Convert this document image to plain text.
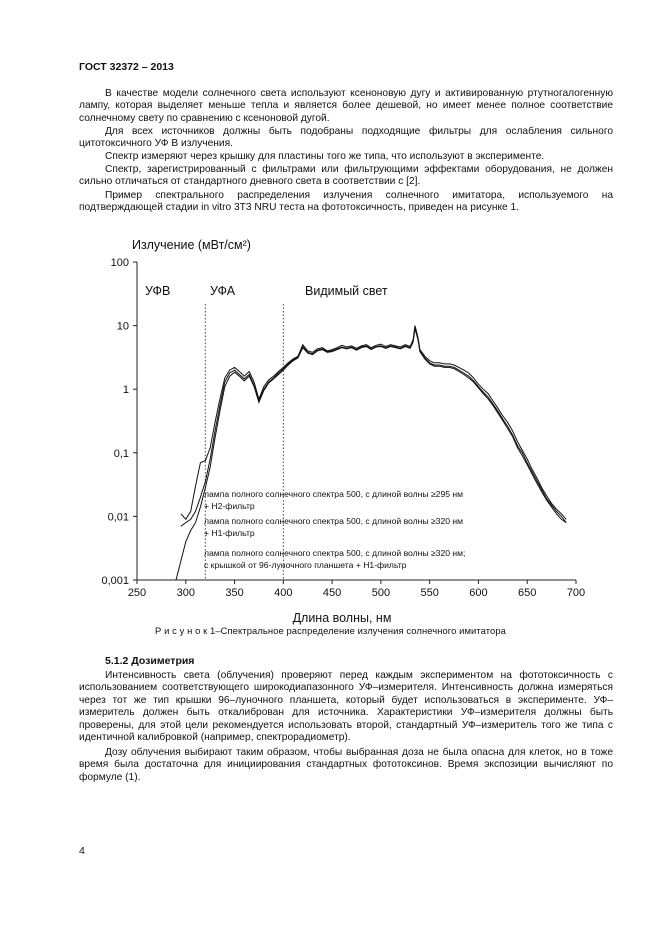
ГОСТ 32372 – 2013

В качестве модели солнечного света используют ксеноновую дугу и активированную ртутногалогенную лампу, которая выделяет меньше тепла и является более дешевой, но имеет менее полное соответствие солнечному свету по сравнению с ксеноновой дугой.

Для всех источников должны быть подобраны подходящие фильтры для ослабления сильного цитотоксичного УФ В излучения.

Спектр измеряют через крышку для пластины того же типа, что используют в эксперименте.

Спектр, зарегистрированный с фильтрами или фильтрующими эффектами оборудования, не должен сильно отличаться от стандартного дневного света в соответствии с [2].

Пример спектрального распределения излучения солнечного имитатора, используемого на подтверждающей стадии in vitro 3T3 NRU теста на фототоксичность, приведен на рисунке 1.

Излучение (мВт/см²)
Длина волны, нм
250	300	350	400	450	500	550	600	650	700
0,001
0,01
0,1
1
10
100
УФВ	УФА	Видимый свет
лампа полного солнечного спектра 500, с длиной волны ≥295 нм + H2-фильтр
лампа полного солнечного спектра 500, с длиной волны ≥320 нм + H1-фильтр
лампа полного солнечного спектра 500, с длиной волны ≥320 нм; с крышкой от 96-луночного планшета + H1-фильтр
Р и с у н о к 1–Спектральное распределение излучения солнечного имитатора
5.1.2 Дозиметрия

Интенсивность света (облучения) проверяют перед каждым экспериментом на фототоксичность с использованием соответствующего широкодиапазонного УФ–измерителя. Интенсивность должна измеряться через тот же тип крышки 96–луночного планшета, который будет использоваться в эксперименте. УФ–измеритель должен быть откалиброван для источника. Характеристики УФ–измерителя должны быть проверены, для этой цели рекомендуется использовать второй, стандартный УФ–измеритель того же типа с идентичной калибровкой (например, спектрорадиометр).

Дозу облучения выбирают таким образом, чтобы выбранная доза не была опасна для клеток, но в тоже время была достаточна для инициирования стандартных фототоксинов. Время экспозиции вычисляют по формуле (1).

4
